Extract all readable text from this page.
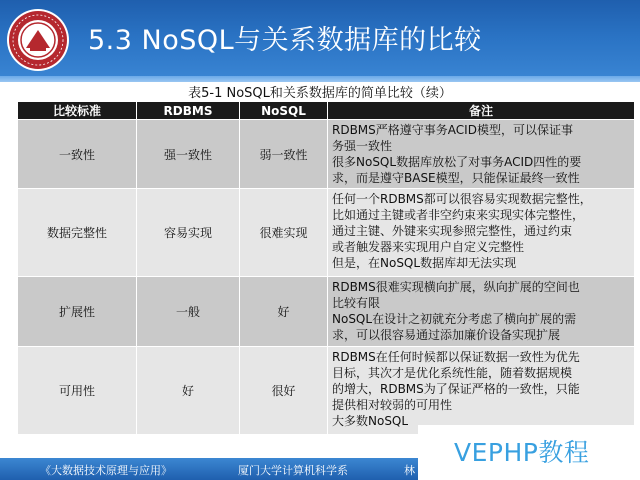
5.3 NoSQL与关系数据库的比较
表5-1 NoSQL和关系数据库的简单比较（续）
比较标准	RDBMS	NoSQL	备注
一致性	强一致性	弱一致性	RDBMS严格遵守事务ACID模型，可以保证事
务强一致性
很多NoSQL数据库放松了对事务ACID四性的要
求，而是遵守BASE模型，只能保证最终一致性

数据完整性	容易实现	很难实现	任何一个RDBMS都可以很容易实现数据完整性，
比如通过主键或者非空约束来实现实体完整性，
通过主键、外键来实现参照完整性，通过约束
或者触发器来实现用户自定义完整性
但是，在NoSQL数据库却无法实现

扩展性	一般	好	RDBMS很难实现横向扩展，纵向扩展的空间也
比较有限
NoSQL在设计之初就充分考虑了横向扩展的需
求，可以很容易通过添加廉价设备实现扩展

可用性	好	很好	RDBMS在任何时候都以保证数据一致性为优先
目标，其次才是优化系统性能，随着数据规模
的增大，RDBMS为了保证严格的一致性，只能
提供相对较弱的可用性
大多数NoSQL
《大数据技术原理与应用》	厦门大学计算机科学系	林
VEPHP教程
